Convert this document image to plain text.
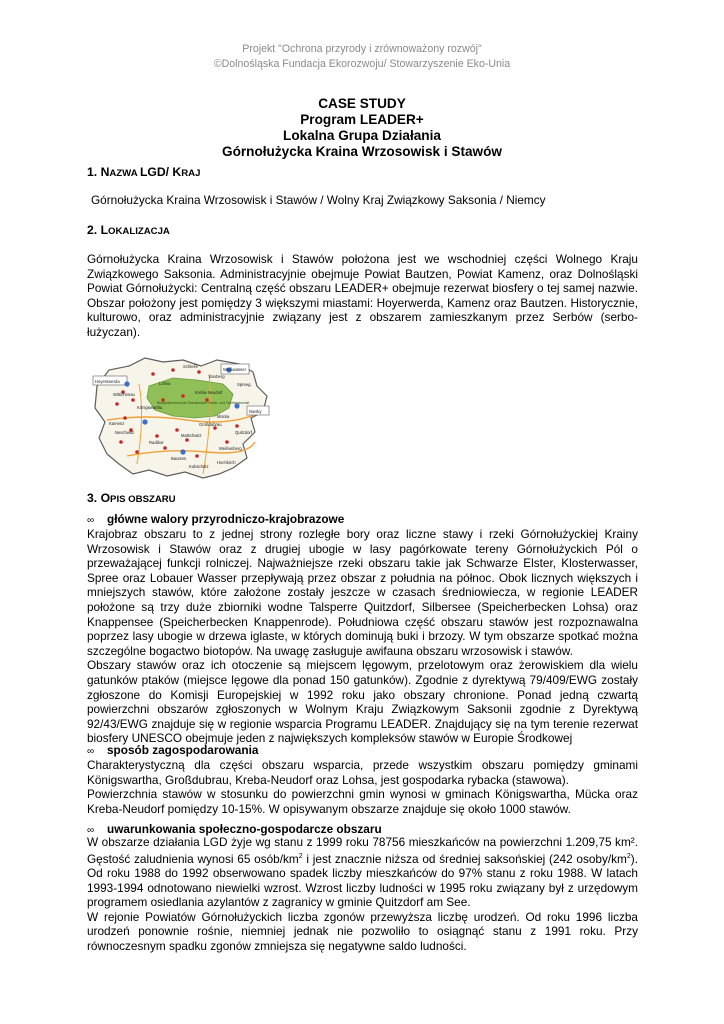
Projekt "Ochrona przyrody i zrównoważony rozwój"
©Dolnośląska Fundacja Ekorozwoju/ Stowarzyszenie Eko-Unia
CASE STUDY
Program LEADER+
Lokalna Grupa Działania
Górnołużycka Kraina Wrzosowisk i Stawów
1. NAZWA LGD/ KRAJ
Górnołużycka Kraina Wrzosowisk i Stawów / Wolny Kraj Związkowy Saksonia / Niemcy
2. LOKALIZACJA
Górnołużycka Kraina Wrzosowisk i Stawów położona jest we wschodniej części Wolnego Kraju Związkowego Saksonia. Administracyjnie obejmuje Powiat Bautzen, Powiat Kamenz, oraz Dolnośląski Powiat Górnołużycki: Centralną część obszaru LEADER+ obejmuje rezerwat biosfery o tej samej nazwie. Obszar położony jest pomiędzy 3 większymi miastami: Hoyerwerda, Kamenz oraz Bautzen. Historycznie, kulturowo, oraz administracyjnie związany jest z obszarem zamieszkanym przez Serbów (serbo-łużyczan).
Hoyerswerda
Weißwasser
Spreeg.
Lohsa
Kamenz
Bautzen
Niesky
Wittichenau
Königswartha
Neschwitz
Radibor
Malschwitz
Großdubrau
Quitzdorf
Kubschütz
Hochkirch
Weißenberg
Schleife
Boxberg
Mücka
Kreba-Neudorf
Biosphärenreservat Oberlausitzer Heide- und Teichlandschaft
3. OPIS OBSZARU
∞ główne walory przyrodniczo-krajobrazowe

Krajobraz obszaru to z jednej strony rozległe bory oraz liczne stawy i rzeki Górnołużyckiej Krainy Wrzosowisk i Stawów oraz z drugiej ubogie w lasy pagórkowate tereny Górnołużyckich Pól o przeważającej funkcji rolniczej. Najważniejsze rzeki obszaru takie jak Schwarze Elster, Klosterwasser, Spree oraz Lobauer Wasser przepływają przez obszar z południa na północ. Obok licznych większych i mniejszych stawów, które założone zostały jeszcze w czasach średniowiecza, w regionie LEADER położone są trzy duże zbiorniki wodne Talsperre Quitzdorf, Silbersee (Speicherbecken Lohsa) oraz Knappensee (Speicherbecken Knappenrode). Południowa część obszaru stawów jest rozpoznawalna poprzez lasy ubogie w drzewa iglaste, w których dominują buki i brzozy. W tym obszarze spotkać można szczególne bogactwo biotopów. Na uwagę zasługuje awifauna obszaru wrzosowisk i stawów.

Obszary stawów oraz ich otoczenie są miejscem lęgowym, przelotowym oraz żerowiskiem dla wielu gatunków ptaków (miejsce lęgowe dla ponad 150 gatunków). Zgodnie z dyrektywą 79/409/EWG zostały zgłoszone do Komisji Europejskiej w 1992 roku jako obszary chronione. Ponad jedną czwartą powierzchni obszarów zgłoszonych w Wolnym Kraju Związkowym Saksonii zgodnie z Dyrektywą 92/43/EWG znajduje się w regionie wsparcia Programu LEADER. Znajdujący się na tym terenie rezerwat biosfery UNESCO obejmuje jeden z największych kompleksów stawów w Europie Środkowej

∞ sposób zagospodarowania

Charakterystyczną dla części obszaru wsparcia, przede wszystkim obszaru pomiędzy gminami Königswartha, Großdubrau, Kreba-Neudorf oraz Lohsa, jest gospodarka rybacka (stawowa).

Powierzchnia stawów w stosunku do powierzchni gmin wynosi w gminach Königswartha, Mücka oraz Kreba-Neudorf pomiędzy 10-15%. W opisywanym obszarze znajduje się około 1000 stawów.

∞ uwarunkowania społeczno-gospodarcze obszaru

W obszarze działania LGD żyje wg stanu z 1999 roku 78756 mieszkańców na powierzchni 1.209,75 km². Gęstość zaludnienia wynosi 65 osób/$km^2$ i jest znacznie niższa od średniej saksońskiej (242 osoby/$km^2$). Od roku 1988 do 1992 obserwowano spadek liczby mieszkańców do 97% stanu z roku 1988. W latach 1993-1994 odnotowano niewielki wzrost. Wzrost liczby ludności w 1995 roku związany był z urzędowym programem osiedlania azylantów z zagranicy w gminie Quitzdorf am See.

W rejonie Powiatów Górnołużyckich liczba zgonów przewyższa liczbę urodzeń. Od roku 1996 liczba urodzeń ponownie rośnie, niemniej jednak nie pozwoliło to osiągnąć stanu z 1991 roku. Przy równoczesnym spadku zgonów zmniejsza się negatywne saldo ludności.
